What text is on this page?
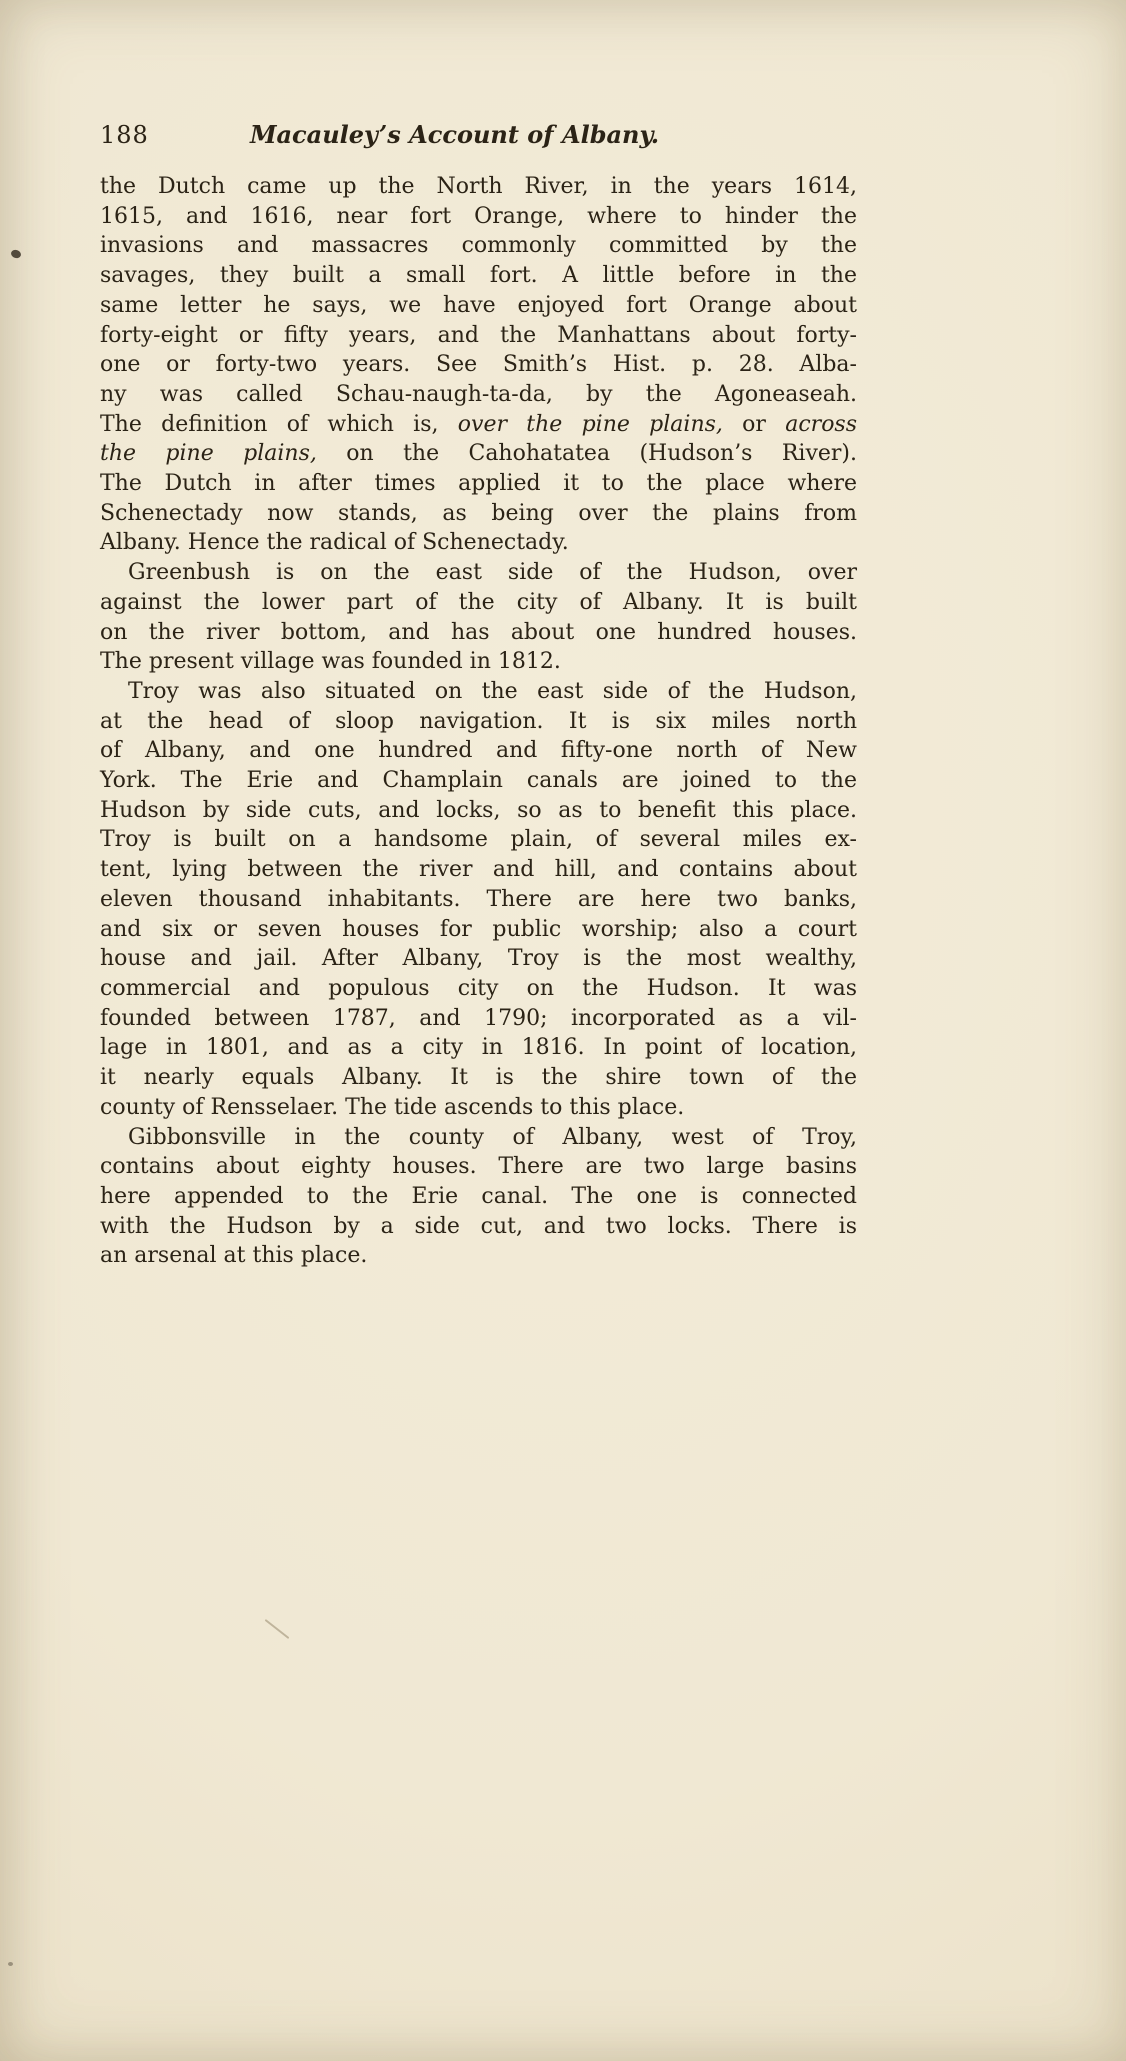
188	Macauley’s Account of Albany.
the Dutch came up the North River, in the years 1614,
1615, and 1616, near fort Orange, where to hinder the
invasions and massacres commonly committed by the
savages, they built a small fort. A little before in the
same letter he says, we have enjoyed fort Orange about
forty-eight or fifty years, and the Manhattans about forty-
one or forty-two years. See Smith’s Hist. p. 28. Alba-
ny was called Schau-naugh-ta-da, by the Agoneaseah.
The definition of which is, over the pine plains, or across
the pine plains, on the Cahohatatea (Hudson’s River).
The Dutch in after times applied it to the place where
Schenectady now stands, as being over the plains from
Albany. Hence the radical of Schenectady.
Greenbush is on the east side of the Hudson, over
against the lower part of the city of Albany. It is built
on the river bottom, and has about one hundred houses.
The present village was founded in 1812.
Troy was also situated on the east side of the Hudson,
at the head of sloop navigation. It is six miles north
of Albany, and one hundred and fifty-one north of New
York. The Erie and Champlain canals are joined to the
Hudson by side cuts, and locks, so as to benefit this place.
Troy is built on a handsome plain, of several miles ex-
tent, lying between the river and hill, and contains about
eleven thousand inhabitants. There are here two banks,
and six or seven houses for public worship; also a court
house and jail. After Albany, Troy is the most wealthy,
commercial and populous city on the Hudson. It was
founded between 1787, and 1790; incorporated as a vil-
lage in 1801, and as a city in 1816. In point of location,
it nearly equals Albany. It is the shire town of the
county of Rensselaer. The tide ascends to this place.
Gibbonsville in the county of Albany, west of Troy,
contains about eighty houses. There are two large basins
here appended to the Erie canal. The one is connected
with the Hudson by a side cut, and two locks. There is
an arsenal at this place.
